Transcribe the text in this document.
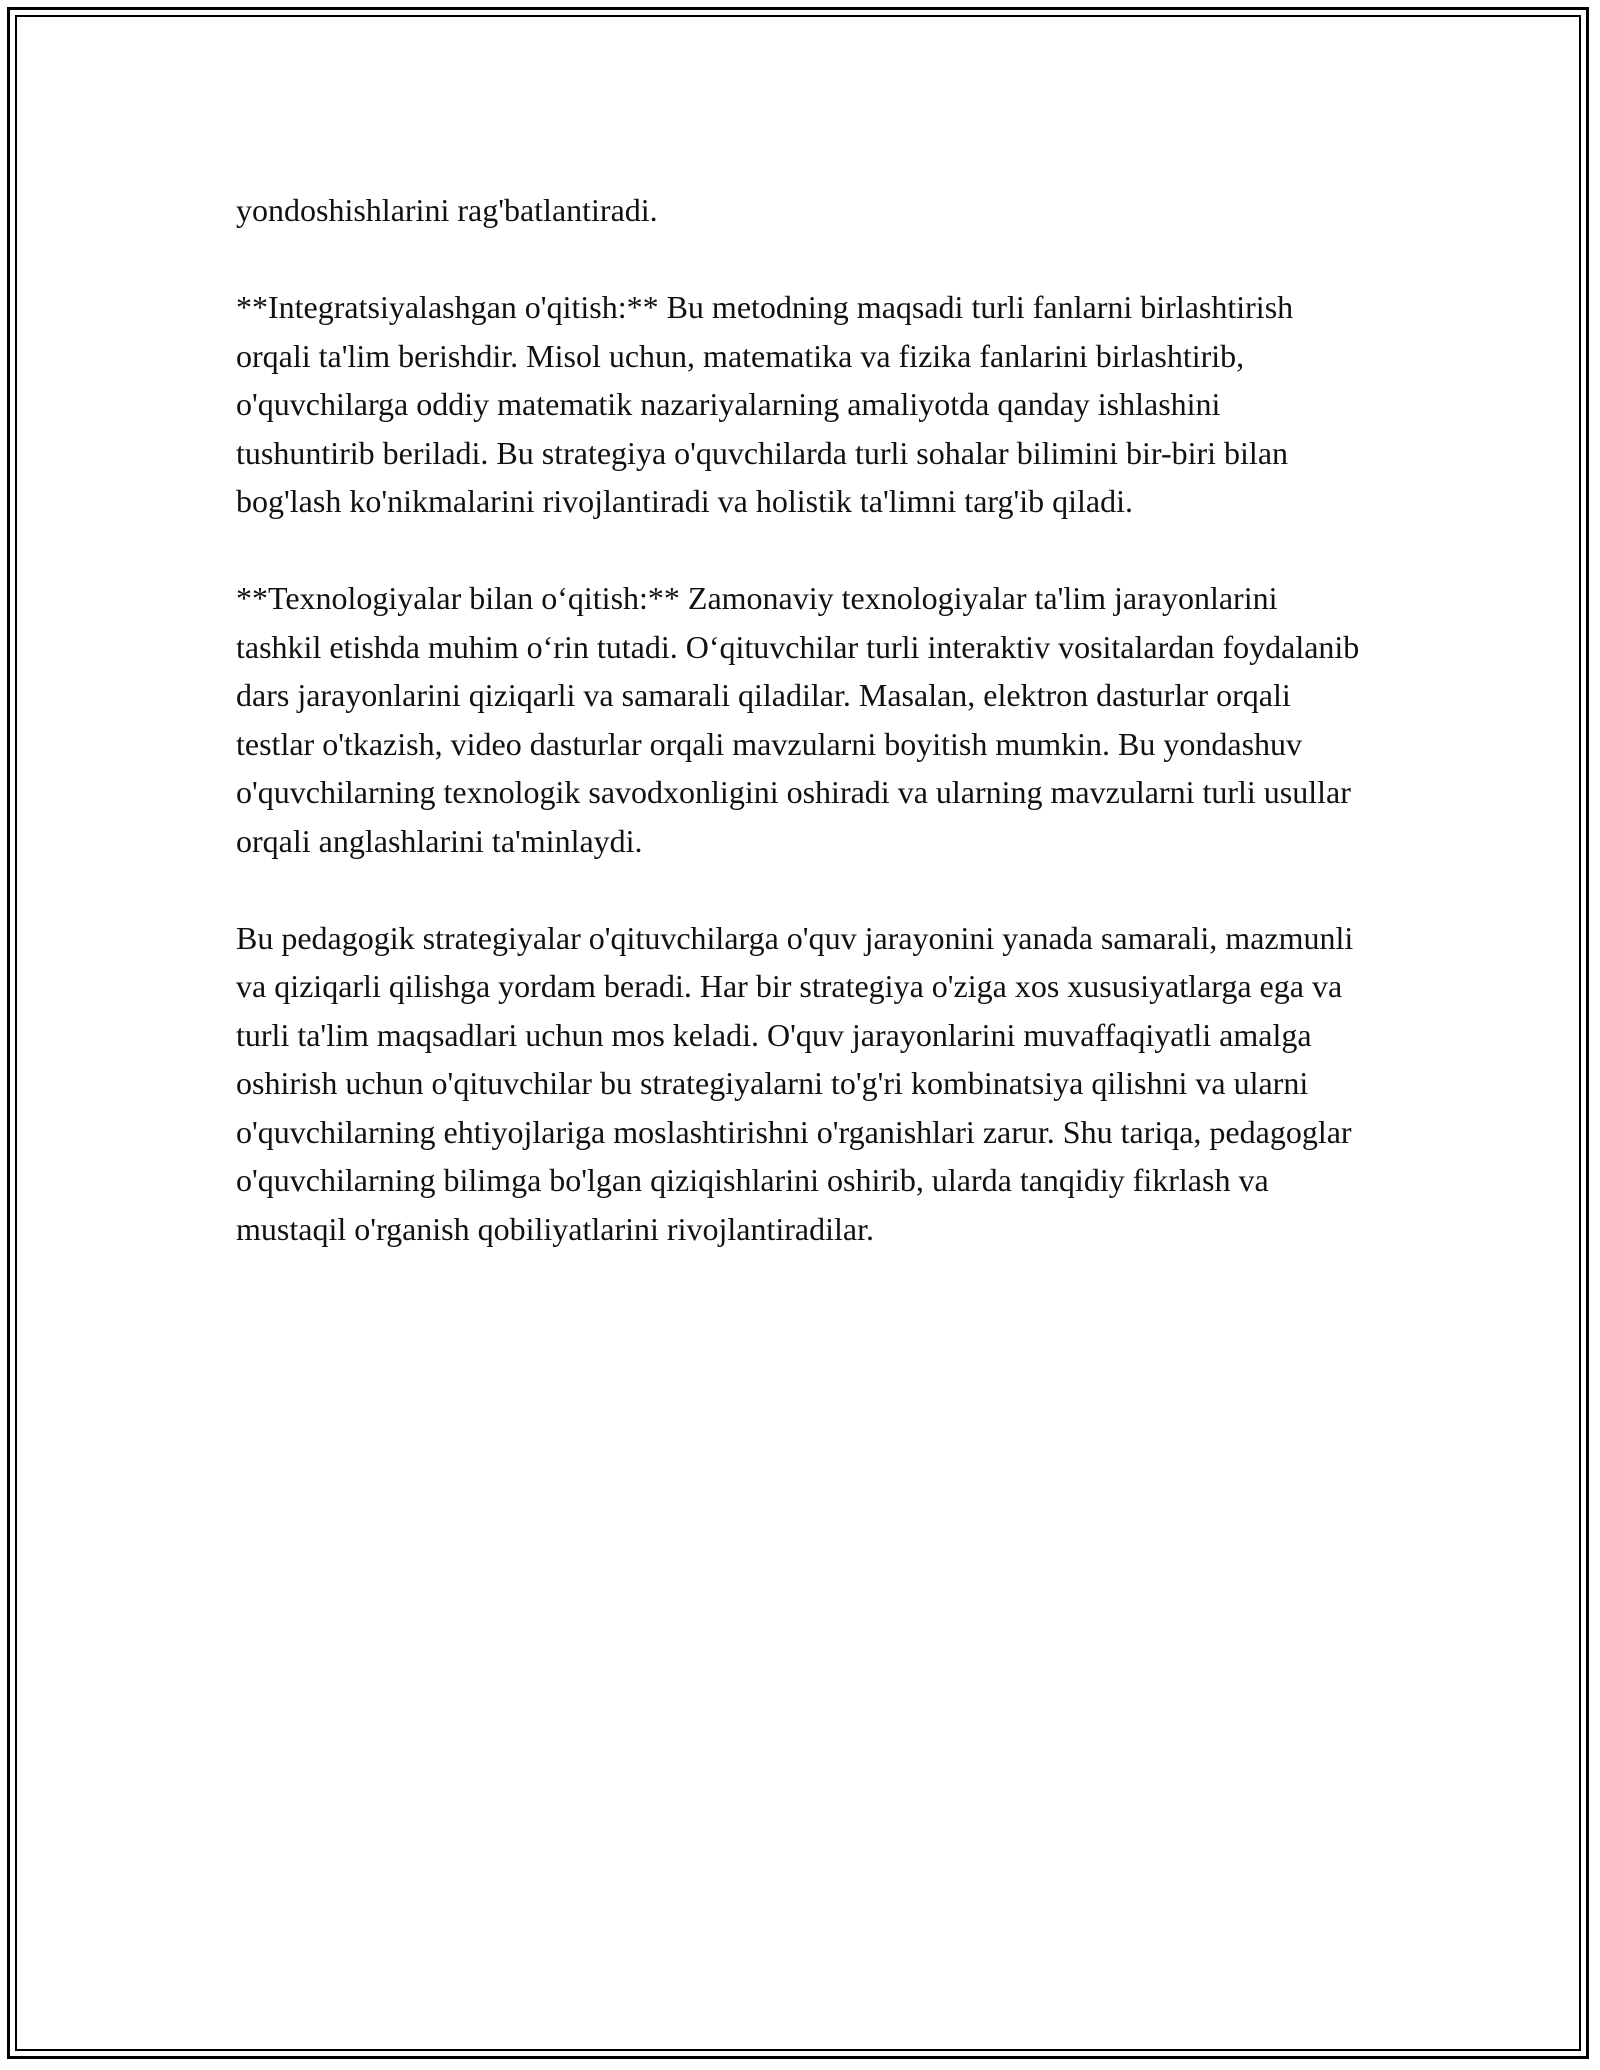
yondoshishlarini rag'batlantiradi.

**Integratsiyalashgan o'qitish:** Bu metodning maqsadi turli fanlarni birlashtirish orqali ta'lim berishdir. Misol uchun, matematika va fizika fanlarini birlashtirib, o'quvchilarga oddiy matematik nazariyalarning amaliyotda qanday ishlashini tushuntirib beriladi. Bu strategiya o'quvchilarda turli sohalar bilimini bir-biri bilan bog'lash ko'nikmalarini rivojlantiradi va holistik ta'limni targ'ib qiladi.

**Texnologiyalar bilan o‘qitish:** Zamonaviy texnologiyalar ta'lim jarayonlarini tashkil etishda muhim o‘rin tutadi. O‘qituvchilar turli interaktiv vositalardan foydalanib dars jarayonlarini qiziqarli va samarali qiladilar. Masalan, elektron dasturlar orqali testlar o'tkazish, video dasturlar orqali mavzularni boyitish mumkin. Bu yondashuv o'quvchilarning texnologik savodxonligini oshiradi va ularning mavzularni turli usullar orqali anglashlarini ta'minlaydi.

Bu pedagogik strategiyalar o'qituvchilarga o'quv jarayonini yanada samarali, mazmunli va qiziqarli qilishga yordam beradi. Har bir strategiya o'ziga xos xususiyatlarga ega va turli ta'lim maqsadlari uchun mos keladi. O'quv jarayonlarini muvaffaqiyatli amalga oshirish uchun o'qituvchilar bu strategiyalarni to'g'ri kombinatsiya qilishni va ularni o'quvchilarning ehtiyojlariga moslashtirishni o'rganishlari zarur. Shu tariqa, pedagoglar o'quvchilarning bilimga bo'lgan qiziqishlarini oshirib, ularda tanqidiy fikrlash va mustaqil o'rganish qobiliyatlarini rivojlantiradilar.
